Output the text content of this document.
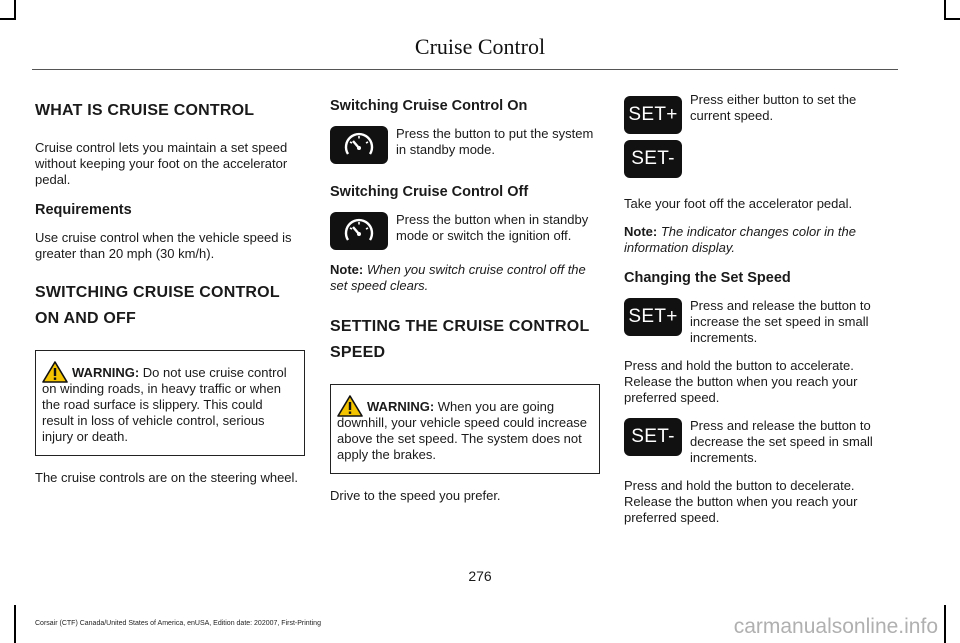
Cruise Control
WHAT IS CRUISE CONTROL

Cruise control lets you maintain a set speed without keeping your foot on the accelerator pedal.

Requirements

Use cruise control when the vehicle speed is greater than 20 mph (30 km/h).

SWITCHING CRUISE CONTROL ON AND OFF
WARNING: Do not use cruise control on winding roads, in heavy traffic or when the road surface is slippery. This could result in loss of vehicle control, serious injury or death.

The cruise controls are on the steering wheel.

Switching Cruise Control On

Press the button to put the system in standby mode.

Switching Cruise Control Off

Press the button when in standby mode or switch the ignition off.

Note: When you switch cruise control off the set speed clears.

SETTING THE CRUISE CONTROL SPEED
WARNING: When you are going downhill, your vehicle speed could increase above the set speed. The system does not apply the brakes.

Drive to the speed you prefer.

SET+

Press either button to set the current speed.

SET-

Take your foot off the accelerator pedal.

Note: The indicator changes color in the information display.

Changing the Set Speed
SET+

Press and release the button to increase the set speed in small increments.

Press and hold the button to accelerate. Release the button when you reach your preferred speed.

SET-

Press and release the button to decrease the set speed in small increments.

Press and hold the button to decelerate. Release the button when you reach your preferred speed.

276
Corsair (CTF) Canada/United States of America, enUSA, Edition date: 202007, First-Printing	carmanualsonline.info
